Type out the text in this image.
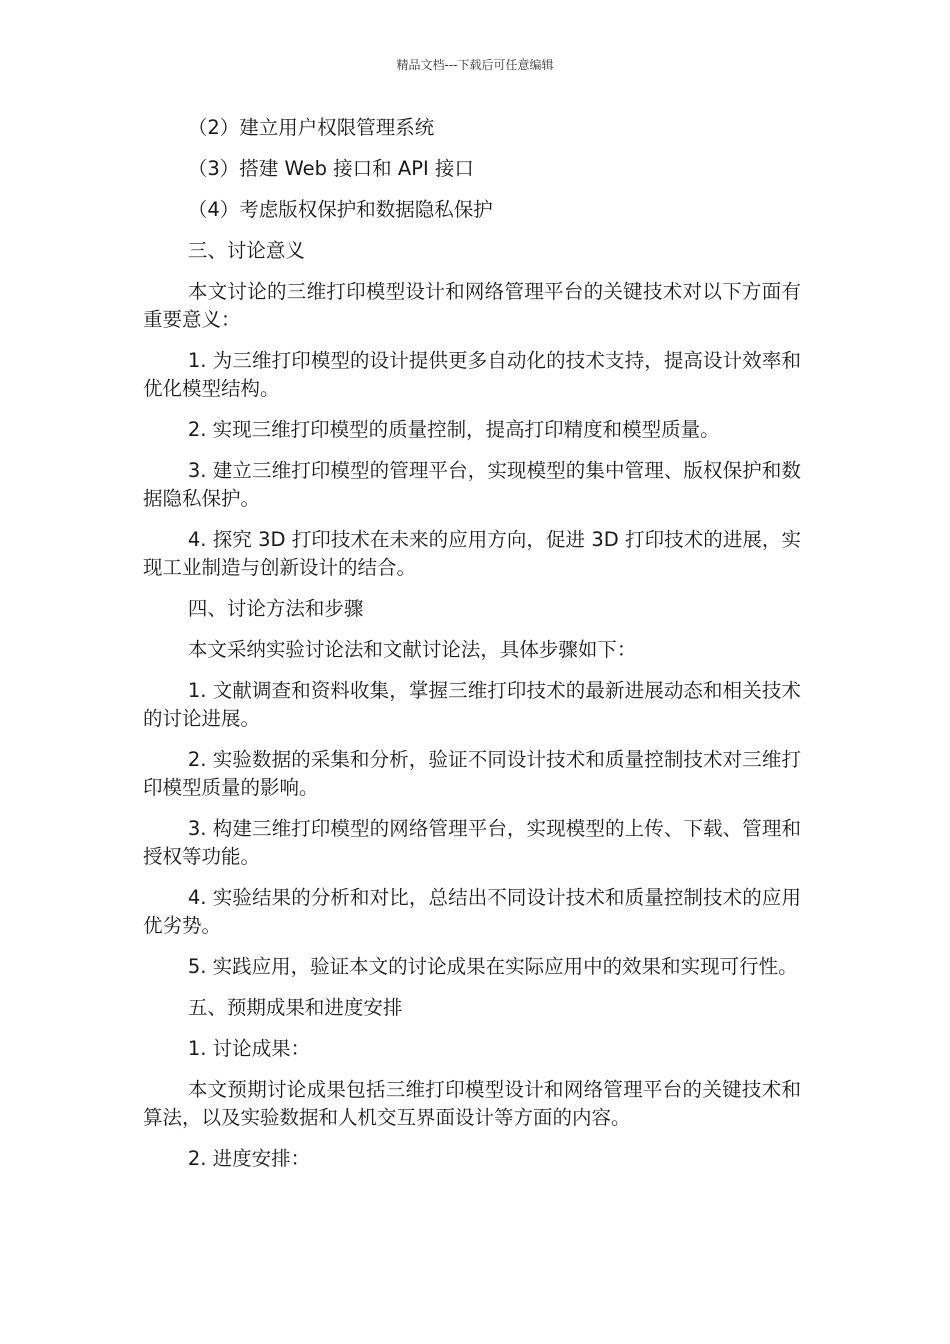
精品文档---下载后可任意编辑

（2）建立用户权限管理系统

（3）搭建 Web 接口和 API 接口

（4）考虑版权保护和数据隐私保护

三、讨论意义

本文讨论的三维打印模型设计和网络管理平台的关键技术对以下方面有重要意义：

1. 为三维打印模型的设计提供更多自动化的技术支持，提高设计效率和优化模型结构。

2. 实现三维打印模型的质量控制，提高打印精度和模型质量。

3. 建立三维打印模型的管理平台，实现模型的集中管理、版权保护和数据隐私保护。

4. 探究 3D 打印技术在未来的应用方向，促进 3D 打印技术的进展，实现工业制造与创新设计的结合。

四、讨论方法和步骤

本文采纳实验讨论法和文献讨论法，具体步骤如下：

1. 文献调查和资料收集，掌握三维打印技术的最新进展动态和相关技术的讨论进展。

2. 实验数据的采集和分析，验证不同设计技术和质量控制技术对三维打印模型质量的影响。

3. 构建三维打印模型的网络管理平台，实现模型的上传、下载、管理和授权等功能。

4. 实验结果的分析和对比，总结出不同设计技术和质量控制技术的应用优劣势。

5. 实践应用，验证本文的讨论成果在实际应用中的效果和实现可行性。

五、预期成果和进度安排

1. 讨论成果：

本文预期讨论成果包括三维打印模型设计和网络管理平台的关键技术和算法，以及实验数据和人机交互界面设计等方面的内容。

2. 进度安排：
